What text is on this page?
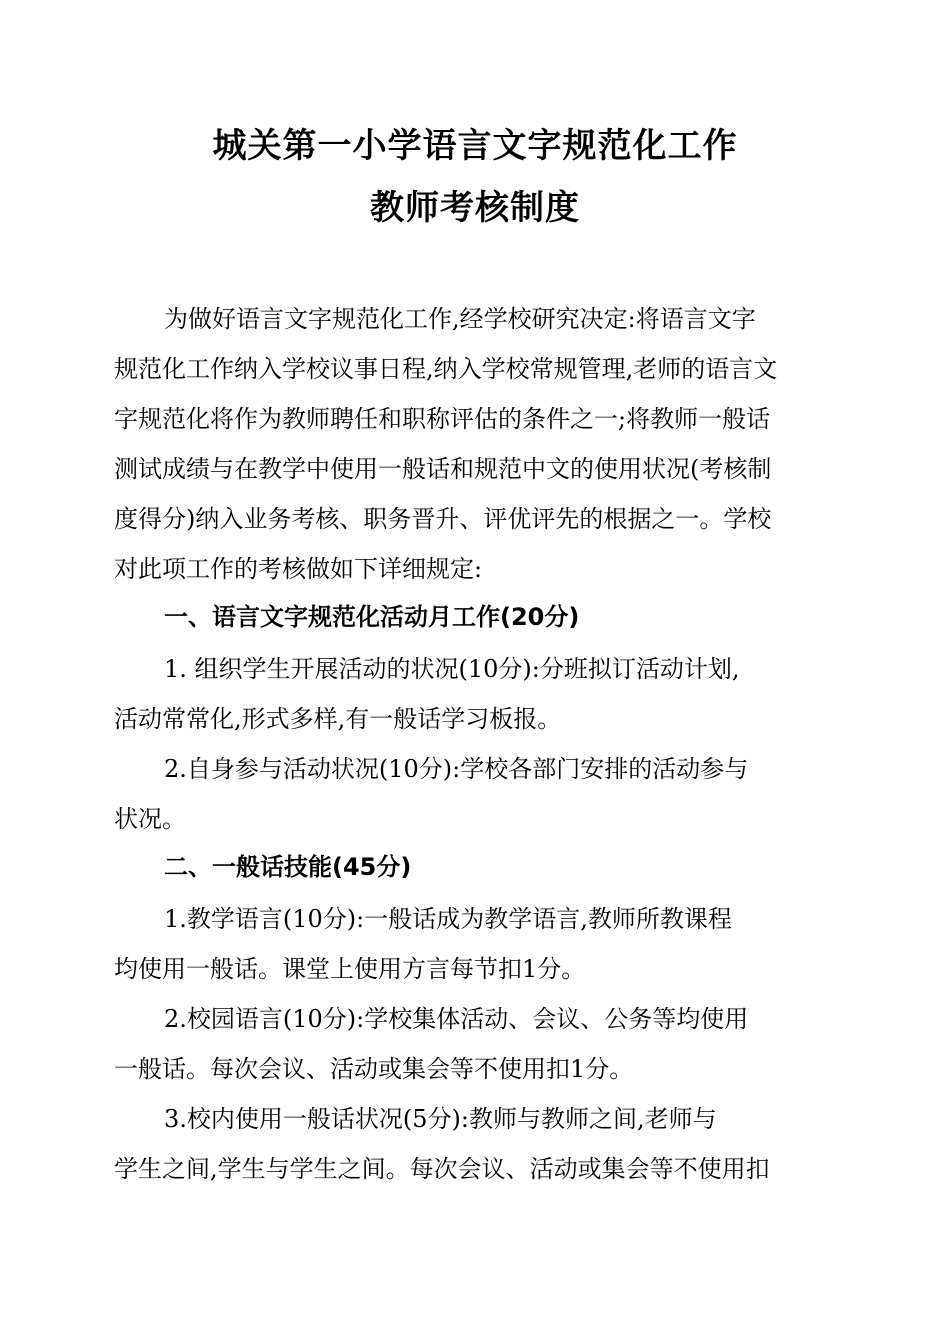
城关第一小学语言文字规范化工作
教师考核制度

为做好语言文字规范化工作,经学校研究决定:将语言文字

规范化工作纳入学校议事日程,纳入学校常规管理,老师的语言文

字规范化将作为教师聘任和职称评估的条件之一;将教师一般话

测试成绩与在教学中使用一般话和规范中文的使用状况(考核制

度得分)纳入业务考核、职务晋升、评优评先的根据之一。学校

对此项工作的考核做如下详细规定:

一、语言文字规范化活动月工作(20分)

1. 组织学生开展活动的状况(10分):分班拟订活动计划,

活动常常化,形式多样,有一般话学习板报。

2.自身参与活动状况(10分):学校各部门安排的活动参与

状况。

二、一般话技能(45分)

1.教学语言(10分):一般话成为教学语言,教师所教课程

均使用一般话。课堂上使用方言每节扣1分。

2.校园语言(10分):学校集体活动、会议、公务等均使用

一般话。每次会议、活动或集会等不使用扣1分。

3.校内使用一般话状况(5分):教师与教师之间,老师与

学生之间,学生与学生之间。每次会议、活动或集会等不使用扣
